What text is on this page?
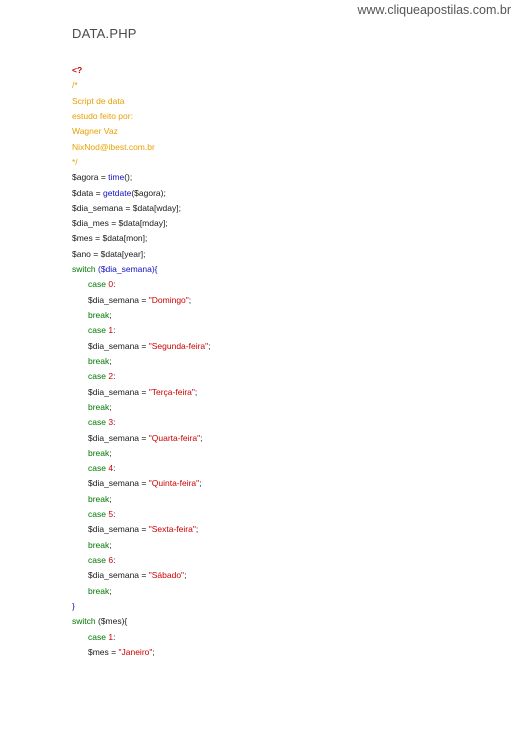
www.cliqueapostilas.com.br
DATA.PHP
<?
/*
Script de data
estudo feito por:
Wagner Vaz
NixNod@ibest.com.br
*/
$agora = time();
$data = getdate($agora);
$dia_semana = $data[wday];
$dia_mes = $data[mday];
$mes = $data[mon];
$ano = $data[year];
switch ($dia_semana){
case 0:
$dia_semana = "Domingo";
break;
case 1:
$dia_semana = "Segunda-feira";
break;
case 2:
$dia_semana = "Terça-feira";
break;
case 3:
$dia_semana = "Quarta-feira";
break;
case 4:
$dia_semana = "Quinta-feira";
break;
case 5:
$dia_semana = "Sexta-feira";
break;
case 6:
$dia_semana = "Sábado";
break;
}
switch ($mes){
case 1:
$mes = "Janeiro";
